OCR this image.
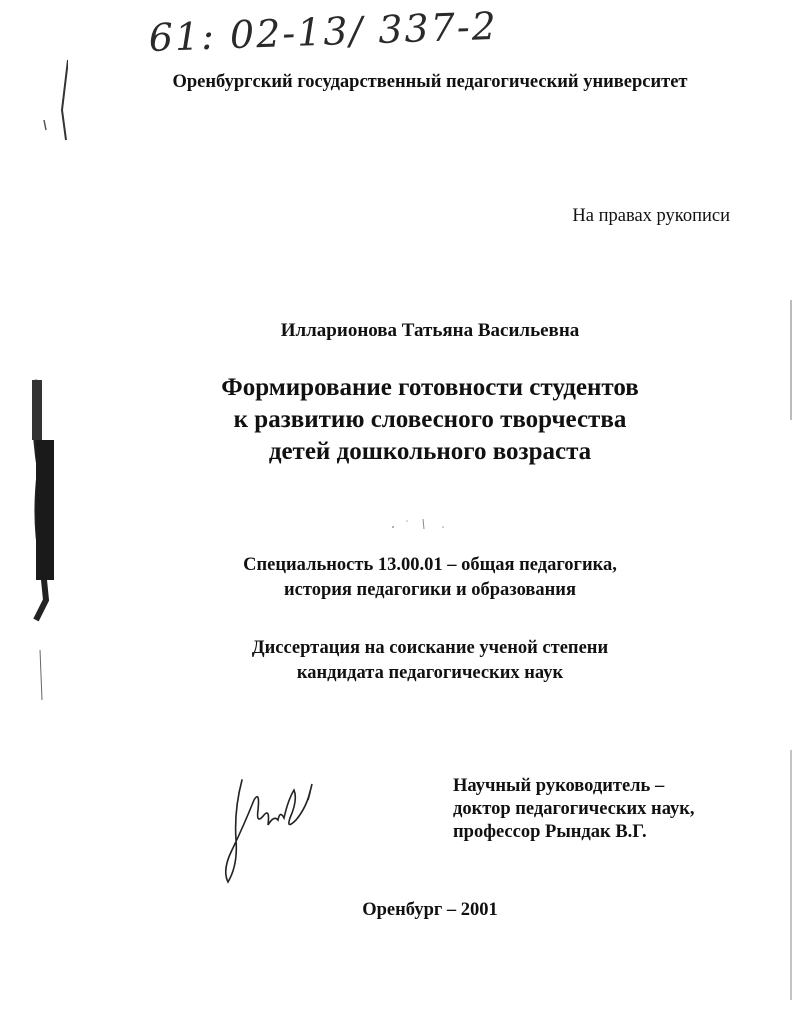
61: 02-13/ 337-2
Оренбургский государственный педагогический университет
На правах рукописи
Илларионова Татьяна Васильевна
Формирование готовности студентов
к развитию словесного творчества
детей дошкольного возраста
Специальность 13.00.01 – общая педагогика,
история педагогики и образования
Диссертация на соискание ученой степени
кандидата педагогических наук
Научный руководитель –
доктор педагогических наук,
профессор Рындак В.Г.
Оренбург – 2001
